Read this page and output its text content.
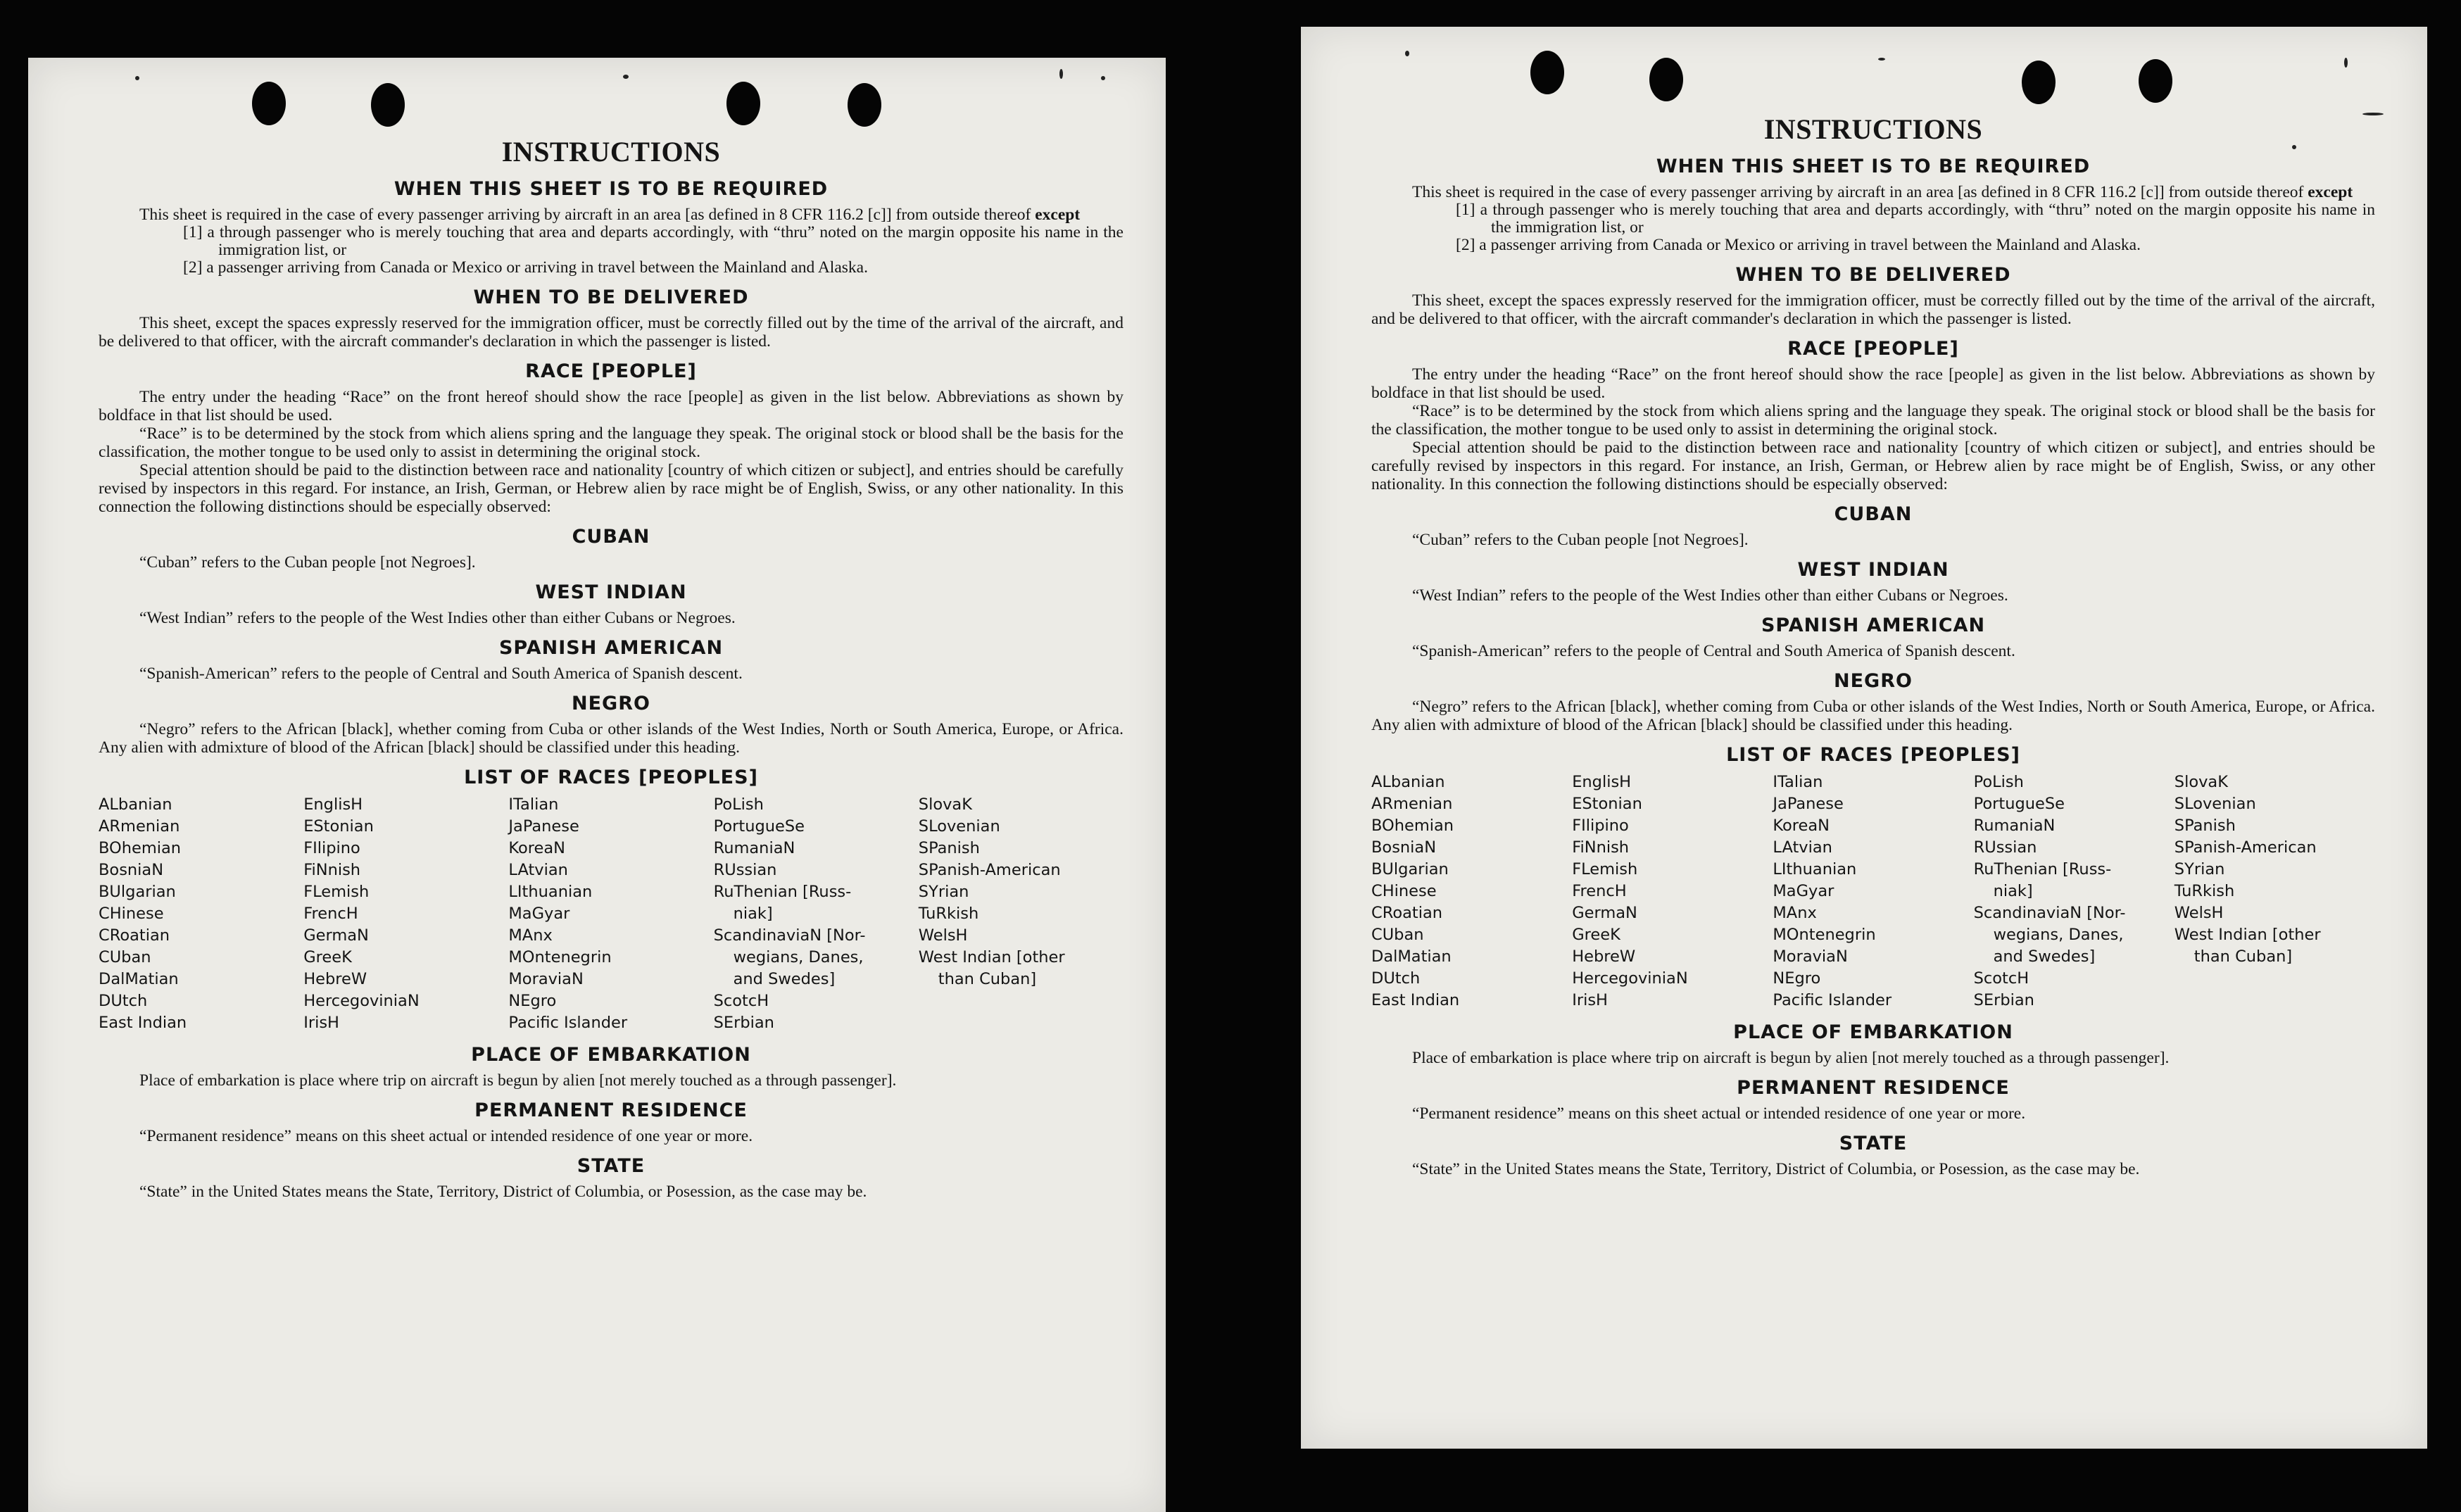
INSTRUCTIONS
WHEN THIS SHEET IS TO BE REQUIRED

This sheet is required in the case of every passenger arriving by aircraft in an area [as defined in 8 CFR 116.2 [c]] from outside thereof except

[1] a through passenger who is merely touching that area and departs accordingly, with “thru” noted on the margin opposite his name in the immigration list, or

[2] a passenger arriving from Canada or Mexico or arriving in travel between the Mainland and Alaska.

WHEN TO BE DELIVERED

This sheet, except the spaces expressly reserved for the immigration officer, must be correctly filled out by the time of the arrival of the aircraft, and be delivered to that officer, with the aircraft commander's declaration in which the passenger is listed.

RACE [PEOPLE]

The entry under the heading “Race” on the front hereof should show the race [people] as given in the list below. Abbreviations as shown by boldface in that list should be used.

“Race” is to be determined by the stock from which aliens spring and the language they speak. The original stock or blood shall be the basis for the classification, the mother tongue to be used only to assist in determining the original stock.

Special attention should be paid to the distinction between race and nationality [country of which citizen or subject], and entries should be carefully revised by inspectors in this regard. For instance, an Irish, German, or Hebrew alien by race might be of English, Swiss, or any other nationality. In this connection the following distinctions should be especially observed:

CUBAN

“Cuban” refers to the Cuban people [not Negroes].

WEST INDIAN

“West Indian” refers to the people of the West Indies other than either Cubans or Negroes.

SPANISH AMERICAN

“Spanish-American” refers to the people of Central and South America of Spanish descent.

NEGRO

“Negro” refers to the African [black], whether coming from Cuba or other islands of the West Indies, North or South America, Europe, or Africa. Any alien with admixture of blood of the African [black] should be classified under this heading.

LIST OF RACES [PEOPLES]
ALbanian
ARmenian
BOhemian
BosniaN
BUlgarian
CHinese
CRoatian
CUban
DalMatian
DUtch
East Indian
EnglisH
EStonian
FIlipino
FiNnish
FLemish
FrencH
GermaN
GreeK
HebreW
HercegoviniaN
IrisH
ITalian
JaPanese
KoreaN
LAtvian
LIthuanian
MaGyar
MAnx
MOntenegrin
MoraviaN
NEgro
Pacific Islander
PoLish
PortugueSe
RumaniaN
RUssian
RuThenian [Russ-
niak]
ScandinaviaN [Nor-
wegians, Danes,
and Swedes]
ScotcH
SErbian
SlovaK
SLovenian
SPanish
SPanish-American
SYrian
TuRkish
WelsH
West Indian [other
than Cuban]
PLACE OF EMBARKATION

Place of embarkation is place where trip on aircraft is begun by alien [not merely touched as a through passenger].

PERMANENT RESIDENCE

“Permanent residence” means on this sheet actual or intended residence of one year or more.

STATE

“State” in the United States means the State, Territory, District of Columbia, or Posession, as the case may be.

INSTRUCTIONS
WHEN THIS SHEET IS TO BE REQUIRED

This sheet is required in the case of every passenger arriving by aircraft in an area [as defined in 8 CFR 116.2 [c]] from outside thereof except

[1] a through passenger who is merely touching that area and departs accordingly, with “thru” noted on the margin opposite his name in the immigration list, or

[2] a passenger arriving from Canada or Mexico or arriving in travel between the Mainland and Alaska.

WHEN TO BE DELIVERED

This sheet, except the spaces expressly reserved for the immigration officer, must be correctly filled out by the time of the arrival of the aircraft, and be delivered to that officer, with the aircraft commander's declaration in which the passenger is listed.

RACE [PEOPLE]

The entry under the heading “Race” on the front hereof should show the race [people] as given in the list below. Abbreviations as shown by boldface in that list should be used.

“Race” is to be determined by the stock from which aliens spring and the language they speak. The original stock or blood shall be the basis for the classification, the mother tongue to be used only to assist in determining the original stock.

Special attention should be paid to the distinction between race and nationality [country of which citizen or subject], and entries should be carefully revised by inspectors in this regard. For instance, an Irish, German, or Hebrew alien by race might be of English, Swiss, or any other nationality. In this connection the following distinctions should be especially observed:

CUBAN

“Cuban” refers to the Cuban people [not Negroes].

WEST INDIAN

“West Indian” refers to the people of the West Indies other than either Cubans or Negroes.

SPANISH AMERICAN

“Spanish-American” refers to the people of Central and South America of Spanish descent.

NEGRO

“Negro” refers to the African [black], whether coming from Cuba or other islands of the West Indies, North or South America, Europe, or Africa. Any alien with admixture of blood of the African [black] should be classified under this heading.

LIST OF RACES [PEOPLES]
ALbanian
ARmenian
BOhemian
BosniaN
BUlgarian
CHinese
CRoatian
CUban
DalMatian
DUtch
East Indian
EnglisH
EStonian
FIlipino
FiNnish
FLemish
FrencH
GermaN
GreeK
HebreW
HercegoviniaN
IrisH
ITalian
JaPanese
KoreaN
LAtvian
LIthuanian
MaGyar
MAnx
MOntenegrin
MoraviaN
NEgro
Pacific Islander
PoLish
PortugueSe
RumaniaN
RUssian
RuThenian [Russ-
niak]
ScandinaviaN [Nor-
wegians, Danes,
and Swedes]
ScotcH
SErbian
SlovaK
SLovenian
SPanish
SPanish-American
SYrian
TuRkish
WelsH
West Indian [other
than Cuban]
PLACE OF EMBARKATION

Place of embarkation is place where trip on aircraft is begun by alien [not merely touched as a through passenger].

PERMANENT RESIDENCE

“Permanent residence” means on this sheet actual or intended residence of one year or more.

STATE

“State” in the United States means the State, Territory, District of Columbia, or Posession, as the case may be.
